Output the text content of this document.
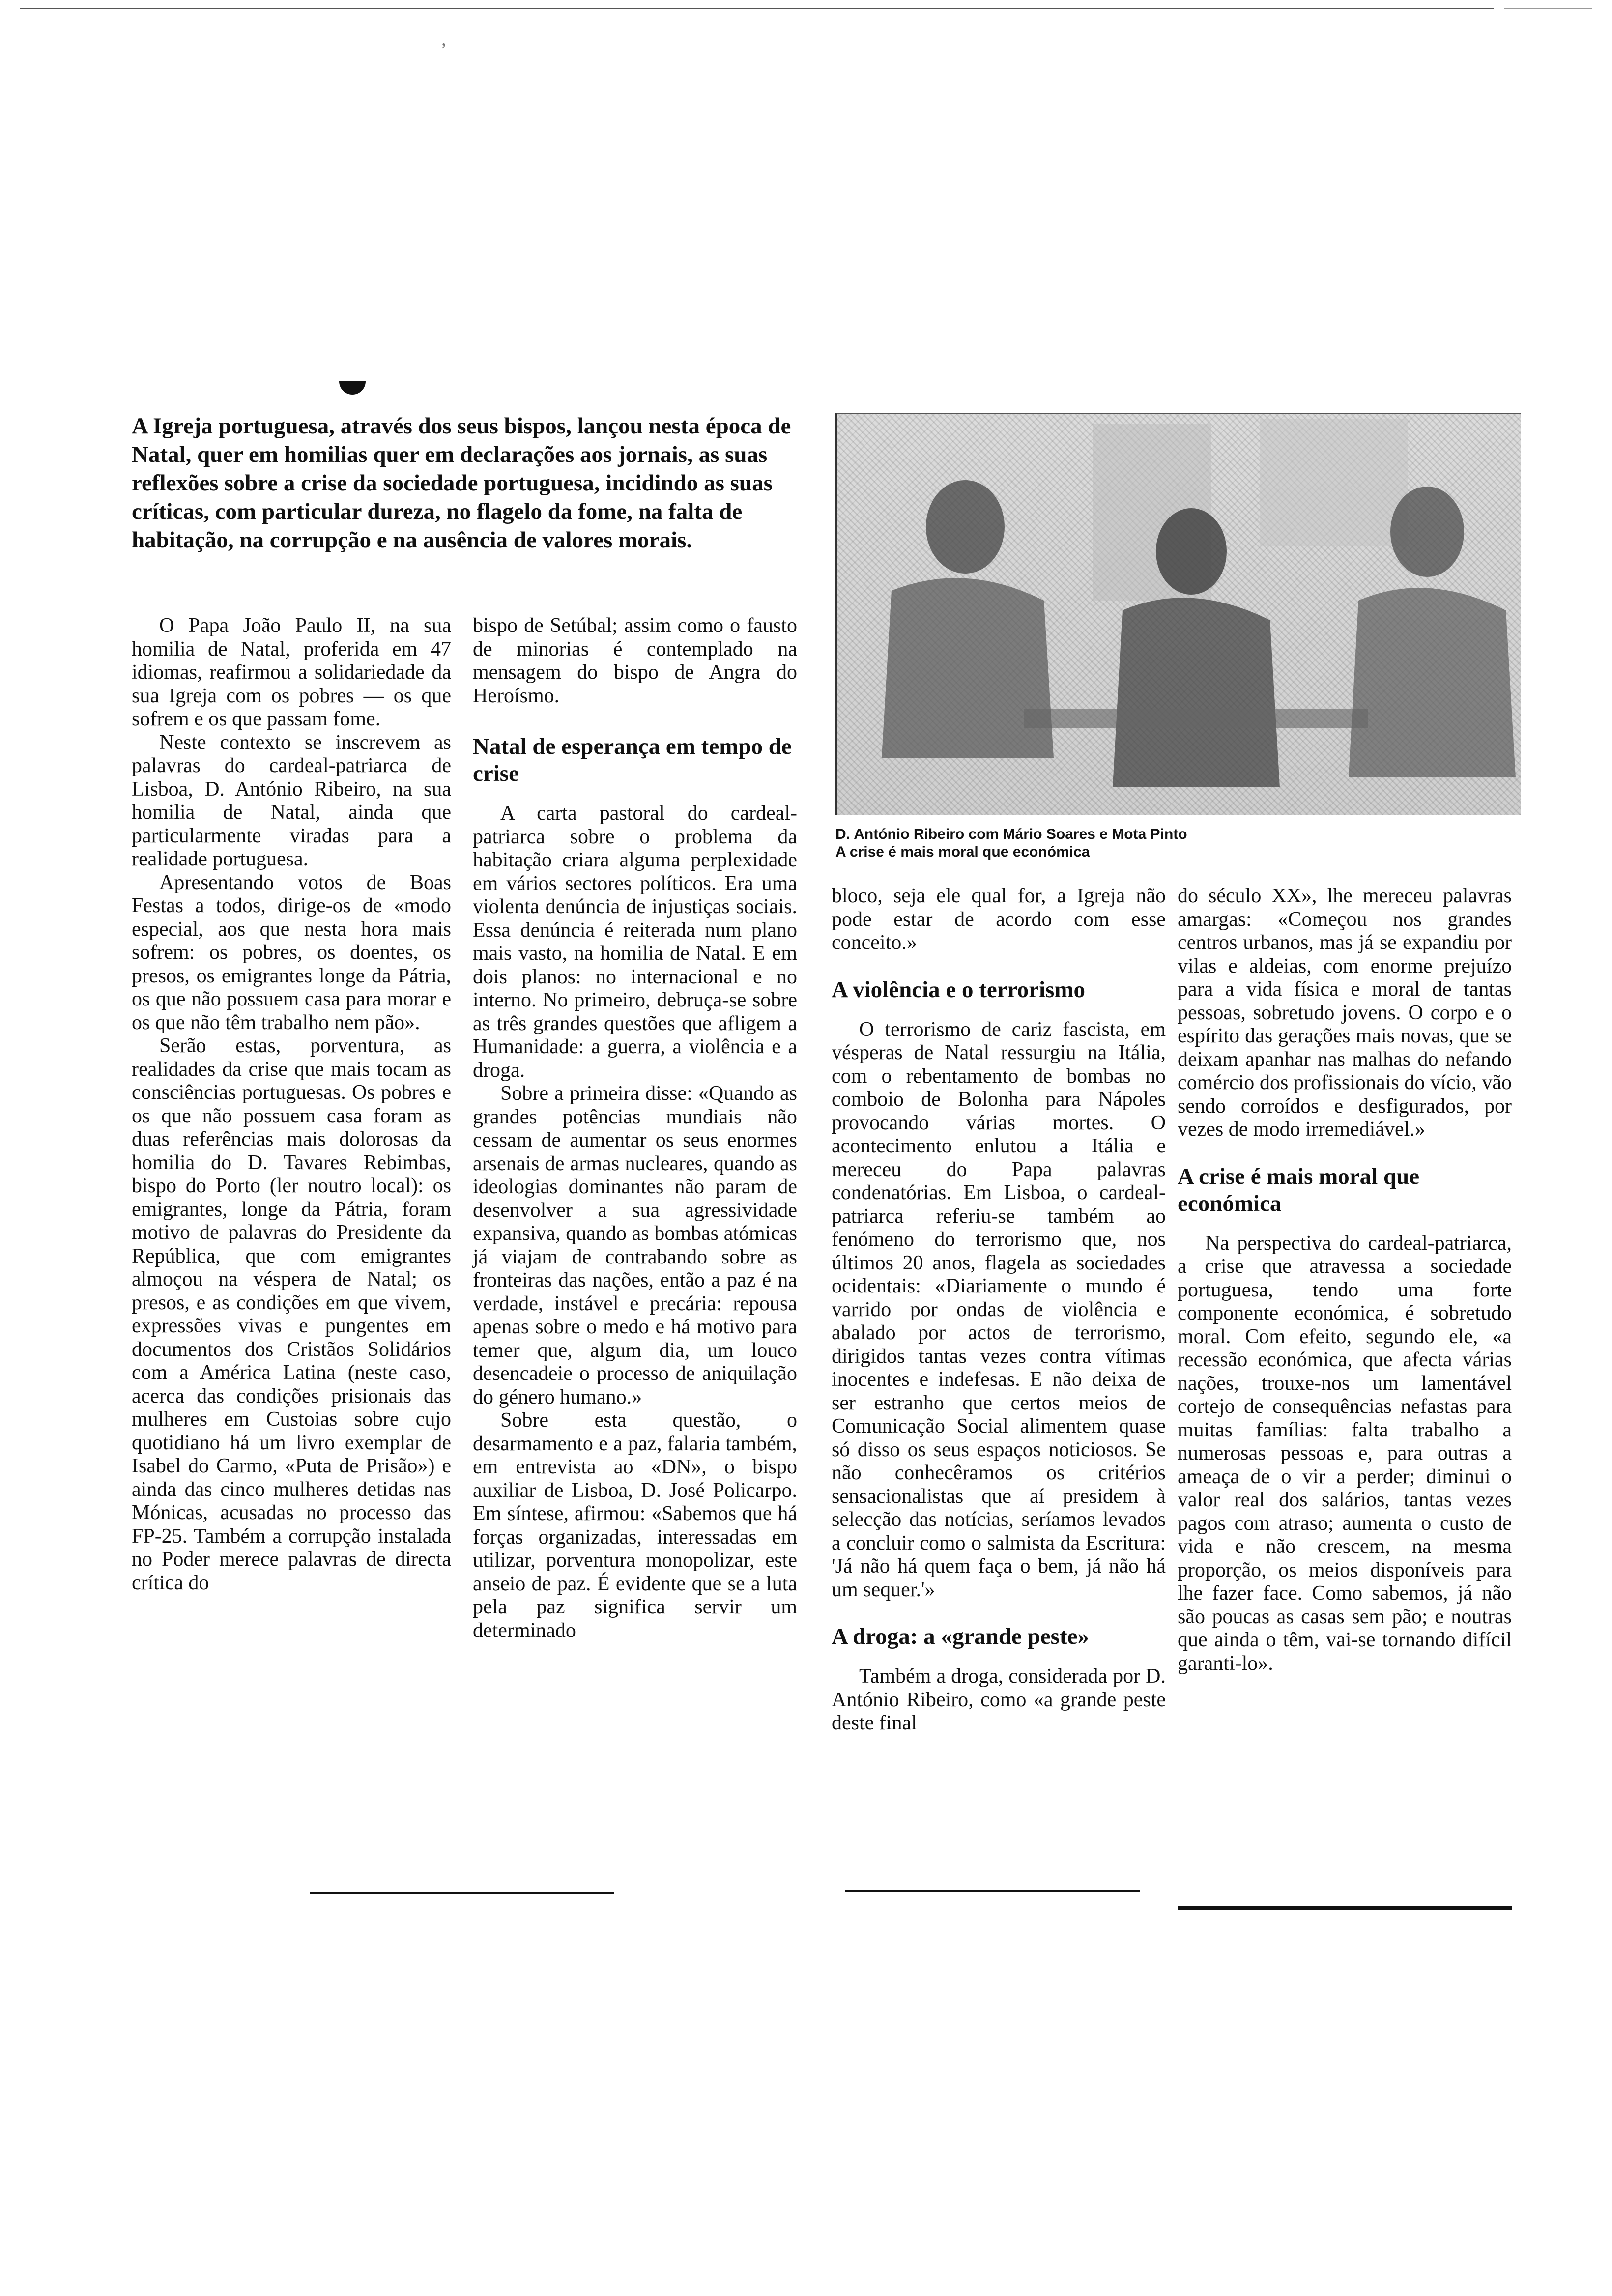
ʼ

A Igreja portuguesa, através dos seus bispos, lançou nesta época de Natal, quer em homilias quer em declarações aos jornais, as suas reflexões sobre a crise da sociedade portuguesa, incidindo as suas críticas, com particular dureza, no flagelo da fome, na falta de habitação, na corrupção e na ausência de valores morais.

D. António Ribeiro com Mário Soares e Mota Pinto
A crise é mais moral que económica

O Papa João Paulo II, na sua homilia de Natal, proferida em 47 idiomas, reafirmou a solidariedade da sua Igreja com os pobres — os que sofrem e os que passam fome.

Neste contexto se inscrevem as palavras do cardeal-patriarca de Lisboa, D. António Ribeiro, na sua homilia de Natal, ainda que particularmente viradas para a realidade portuguesa.

Apresentando votos de Boas Festas a todos, dirige-os de «modo especial, aos que nesta hora mais sofrem: os pobres, os doentes, os presos, os emigrantes longe da Pátria, os que não possuem casa para morar e os que não têm trabalho nem pão».

Serão estas, porventura, as realidades da crise que mais tocam as consciências portuguesas. Os pobres e os que não possuem casa foram as duas referências mais dolorosas da homilia do D. Tavares Rebimbas, bispo do Porto (ler noutro local): os emigrantes, longe da Pátria, foram motivo de palavras do Presidente da República, que com emigrantes almoçou na véspera de Natal; os presos, e as condições em que vivem, expressões vivas e pungentes em documentos dos Cristãos Solidários com a América Latina (neste caso, acerca das condições prisionais das mulheres em Custoias sobre cujo quotidiano há um livro exemplar de Isabel do Carmo, «Puta de Prisão») e ainda das cinco mulheres detidas nas Mónicas, acusadas no processo das FP-25. Também a corrupção instalada no Poder merece palavras de directa crítica do

bispo de Setúbal; assim como o fausto de minorias é contemplado na mensagem do bispo de Angra do Heroísmo.

Natal de esperança em tempo de crise

A carta pastoral do cardeal-patriarca sobre o problema da habitação criara alguma perplexidade em vários sectores políticos. Era uma violenta denúncia de injustiças sociais. Essa denúncia é reiterada num plano mais vasto, na homilia de Natal. E em dois planos: no internacional e no interno. No primeiro, debruça-se sobre as três grandes questões que afligem a Humanidade: a guerra, a violência e a droga.

Sobre a primeira disse: «Quando as grandes potências mundiais não cessam de aumentar os seus enormes arsenais de armas nucleares, quando as ideologias dominantes não param de desenvolver a sua agressividade expansiva, quando as bombas atómicas já viajam de contrabando sobre as fronteiras das nações, então a paz é na verdade, instável e precária: repousa apenas sobre o medo e há motivo para temer que, algum dia, um louco desencadeie o processo de aniquilação do género humano.»

Sobre esta questão, o desarmamento e a paz, falaria também, em entrevista ao «DN», o bispo auxiliar de Lisboa, D. José Policarpo. Em síntese, afirmou: «Sabemos que há forças organizadas, interessadas em utilizar, porventura monopolizar, este anseio de paz. É evidente que se a luta pela paz significa servir um determinado

bloco, seja ele qual for, a Igreja não pode estar de acordo com esse conceito.»

A violência e o terrorismo

O terrorismo de cariz fascista, em vésperas de Natal ressurgiu na Itália, com o rebentamento de bombas no comboio de Bolonha para Nápoles provocando várias mortes. O acontecimento enlutou a Itália e mereceu do Papa palavras condenatórias. Em Lisboa, o cardeal-patriarca referiu-se também ao fenómeno do terrorismo que, nos últimos 20 anos, flagela as sociedades ocidentais: «Diariamente o mundo é varrido por ondas de violência e abalado por actos de terrorismo, dirigidos tantas vezes contra vítimas inocentes e indefesas. E não deixa de ser estranho que certos meios de Comunicação Social alimentem quase só disso os seus espaços noticiosos. Se não conhecêramos os critérios sensacionalistas que aí presidem à selecção das notícias, seríamos levados a concluir como o salmista da Escritura: 'Já não há quem faça o bem, já não há um sequer.'»

A droga: a «grande peste»

Também a droga, considerada por D. António Ribeiro, como «a grande peste deste final

do século XX», lhe mereceu palavras amargas: «Começou nos grandes centros urbanos, mas já se expandiu por vilas e aldeias, com enorme prejuízo para a vida física e moral de tantas pessoas, sobretudo jovens. O corpo e o espírito das gerações mais novas, que se deixam apanhar nas malhas do nefando comércio dos profissionais do vício, vão sendo corroídos e desfigurados, por vezes de modo irremediável.»

A crise é mais moral que económica

Na perspectiva do cardeal-patriarca, a crise que atravessa a sociedade portuguesa, tendo uma forte componente económica, é sobretudo moral. Com efeito, segundo ele, «a recessão económica, que afecta várias nações, trouxe-nos um lamentável cortejo de consequências nefastas para muitas famílias: falta trabalho a numerosas pessoas e, para outras a ameaça de o vir a perder; diminui o valor real dos salários, tantas vezes pagos com atraso; aumenta o custo de vida e não crescem, na mesma proporção, os meios disponíveis para lhe fazer face. Como sabemos, já não são poucas as casas sem pão; e noutras que ainda o têm, vai-se tornando difícil garanti-lo».
